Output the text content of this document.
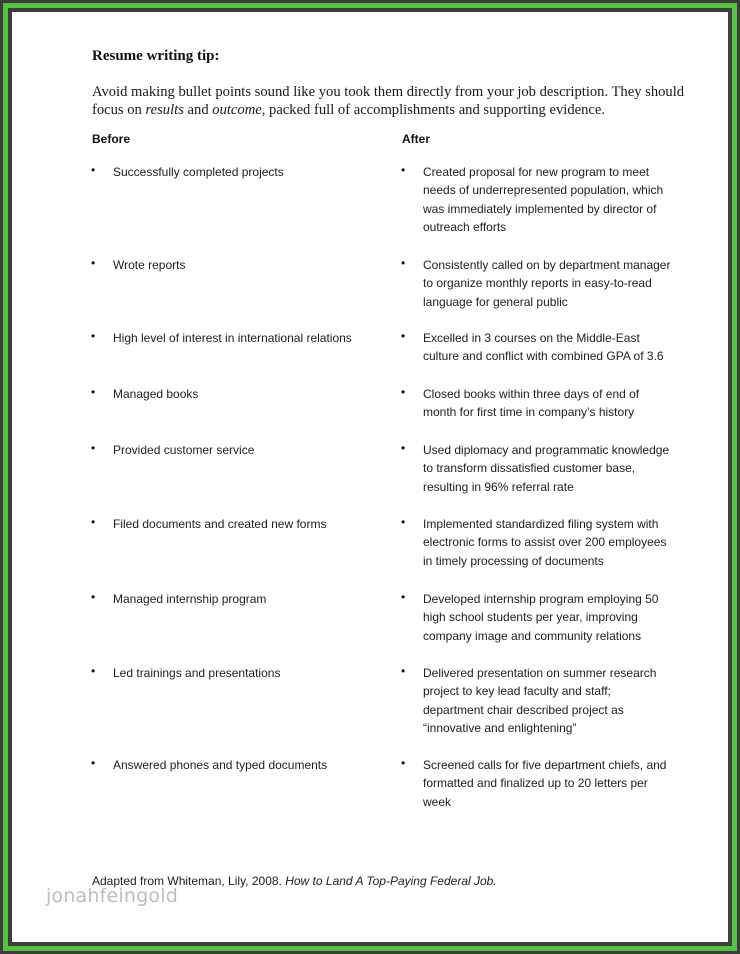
Resume writing tip:
Avoid making bullet points sound like you took them directly from your job description. They should focus on results and outcome, packed full of accomplishments and supporting evidence.
Before	After
• Successfully completed projects	• Created proposal for new program to meet needs of underrepresented population, which was immediately implemented by director of outreach efforts
• Wrote reports	• Consistently called on by department manager to organize monthly reports in easy-to-read language for general public
• High level of interest in international relations	• Excelled in 3 courses on the Middle-East culture and conflict with combined GPA of 3.6
• Managed books	• Closed books within three days of end of month for first time in company’s history
• Provided customer service	• Used diplomacy and programmatic knowledge to transform dissatisfied customer base, resulting in 96% referral rate
• Filed documents and created new forms	• Implemented standardized filing system with electronic forms to assist over 200 employees in timely processing of documents
• Managed internship program	• Developed internship program employing 50 high school students per year, improving company image and community relations
• Led trainings and presentations	• Delivered presentation on summer research project to key lead faculty and staff; department chair described project as “innovative and enlightening”
• Answered phones and typed documents	• Screened calls for five department chiefs, and formatted and finalized up to 20 letters per week
Adapted from Whiteman, Lily, 2008. How to Land A Top-Paying Federal Job.
jonahfeingold
